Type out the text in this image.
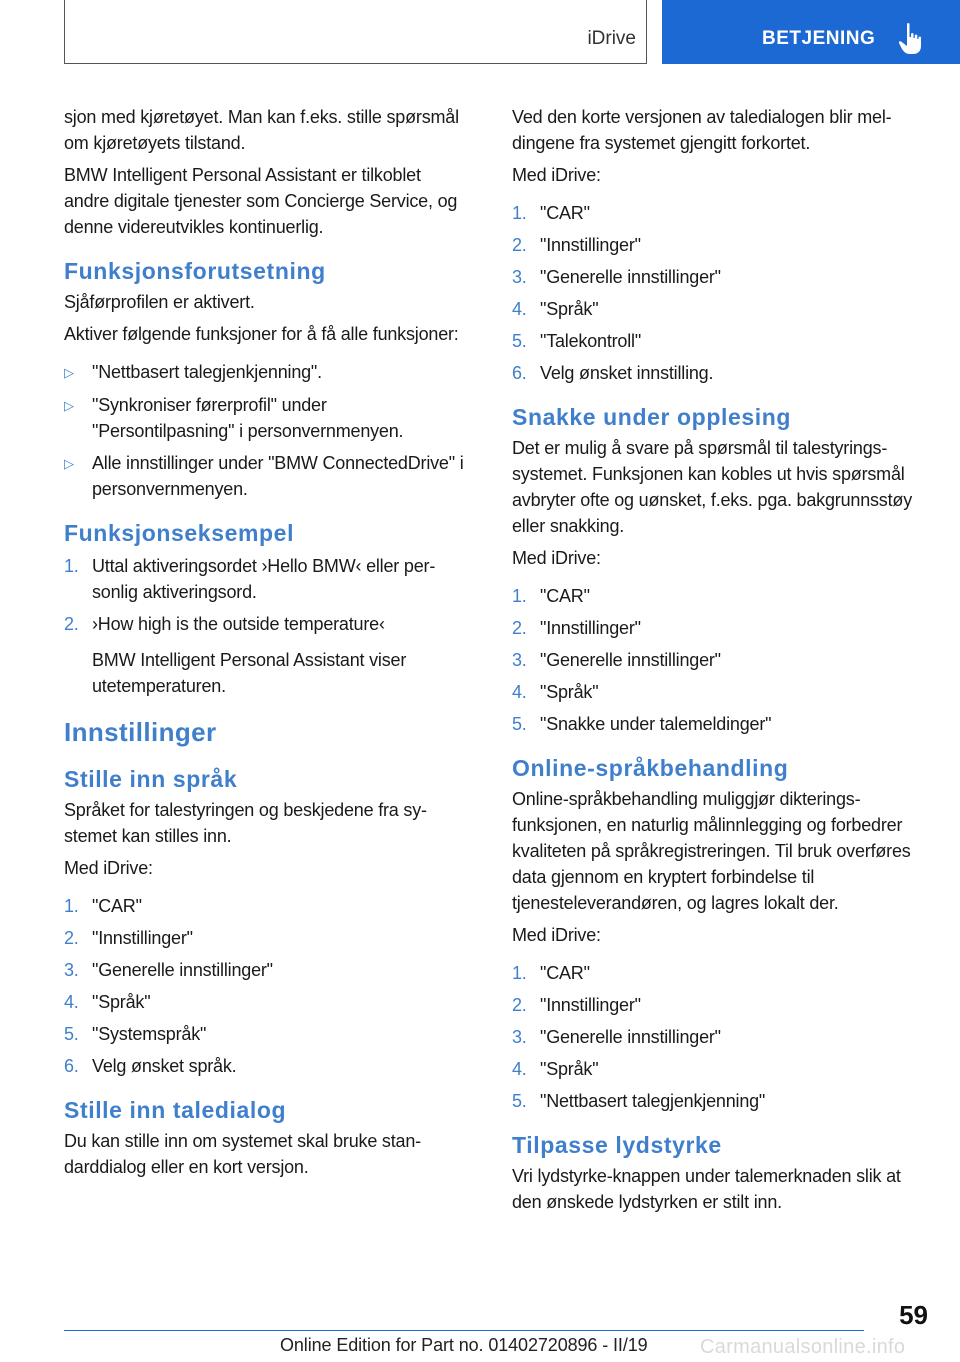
iDrive	BETJENING

sjon med kjøretøyet. Man kan f.eks. stille spørsmål om kjøretøyets tilstand.

BMW Intelligent Personal Assistant er tilkoblet andre digitale tjenester som Concierge Service, og denne videreutvikles kontinuerlig.

Funksjonsforutsetning

Sjåførprofilen er aktivert.

Aktiver følgende funksjoner for å få alle funksjoner:

▷	"Nettbasert talegjenkjenning".
▷	"Synkroniser førerprofil" under "Persontilpasning" i personvernmenyen.
▷	Alle innstillinger under "BMW ConnectedDrive" i personvernmenyen.
Funksjonseksempel
1. Uttal aktiveringsordet ›Hello BMW‹ eller personlig aktiveringsord.
2. ›How high is the outside temperature‹

BMW Intelligent Personal Assistant viser utetemperaturen.

Innstillinger
Stille inn språk

Språket for talestyringen og beskjedene fra systemet kan stilles inn.

Med iDrive:

1. "CAR"
2. "Innstillinger"
3. "Generelle innstillinger"
4. "Språk"
5. "Systemspråk"
6. Velg ønsket språk.
Stille inn taledialog

Du kan stille inn om systemet skal bruke standarddialog eller en kort versjon.

Ved den korte versjonen av taledialogen blir meldingene fra systemet gjengitt forkortet.

Med iDrive:

1. "CAR"
2. "Innstillinger"
3. "Generelle innstillinger"
4. "Språk"
5. "Talekontroll"
6. Velg ønsket innstilling.
Snakke under opplesing

Det er mulig å svare på spørsmål til talestyringssystemet. Funksjonen kan kobles ut hvis spørsmål avbryter ofte og uønsket, f.eks. pga. bakgrunnsstøy eller snakking.

Med iDrive:

1. "CAR"
2. "Innstillinger"
3. "Generelle innstillinger"
4. "Språk"
5. "Snakke under talemeldinger"
Online-språkbehandling

Online-språkbehandling muliggjør dikteringsfunksjonen, en naturlig målinnlegging og forbedrer kvaliteten på språkregistreringen. Til bruk overføres data gjennom en kryptert forbindelse til tjenesteleverandøren, og lagres lokalt der.

Med iDrive:

1. "CAR"
2. "Innstillinger"
3. "Generelle innstillinger"
4. "Språk"
5. "Nettbasert talegjenkjenning"
Tilpasse lydstyrke

Vri lydstyrke-knappen under talemerknaden slik at den ønskede lydstyrken er stilt inn.

59
Online Edition for Part no. 01402720896 - II/19	Carmanualsonline.info
